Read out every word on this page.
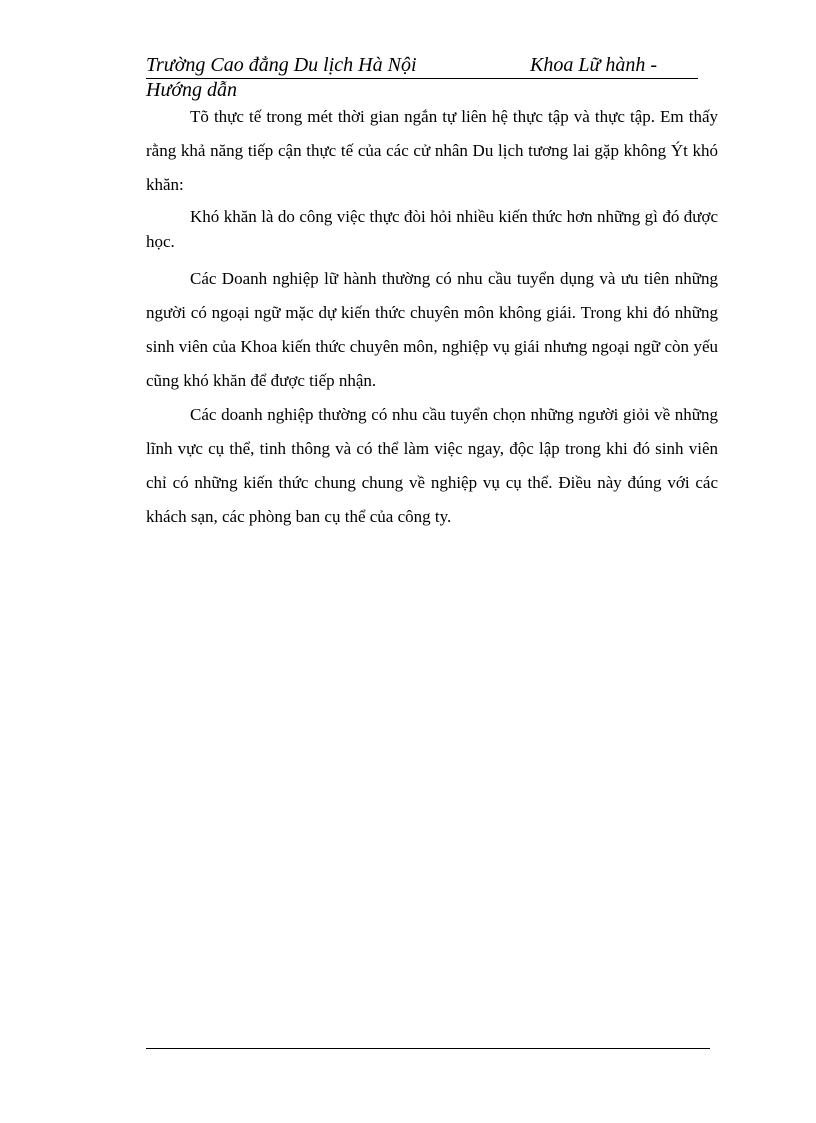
Trường Cao đẳng Du lịch Hà Nội	Khoa Lữ hành -
Hướng dẫn

Tõ thực tế trong mét thời gian ngắn tự liên hệ thực tập và thực tập. Em thấy rằng khả năng tiếp cận thực tế của các cử nhân Du lịch tương lai gặp không Ýt khó khăn:

Khó khăn là do công việc thực đòi hỏi nhiều kiến thức hơn những gì đó được học.

Các Doanh nghiệp lữ hành thường có nhu cầu tuyển dụng và ưu tiên những người có ngoại ngữ mặc dự kiến thức chuyên môn không giái. Trong khi đó những sinh viên của Khoa kiến thức chuyên môn, nghiệp vụ giái nhưng ngoại ngữ còn yếu cũng khó khăn để được tiếp nhận.

Các doanh nghiệp thường có nhu cầu tuyển chọn những người giỏi về những lĩnh vực cụ thể, tinh thông và có thể làm việc ngay, độc lập trong khi đó sinh viên chỉ có những kiến thức chung chung về nghiệp vụ cụ thể. Điều này đúng với các khách sạn, các phòng ban cụ thể của công ty.
